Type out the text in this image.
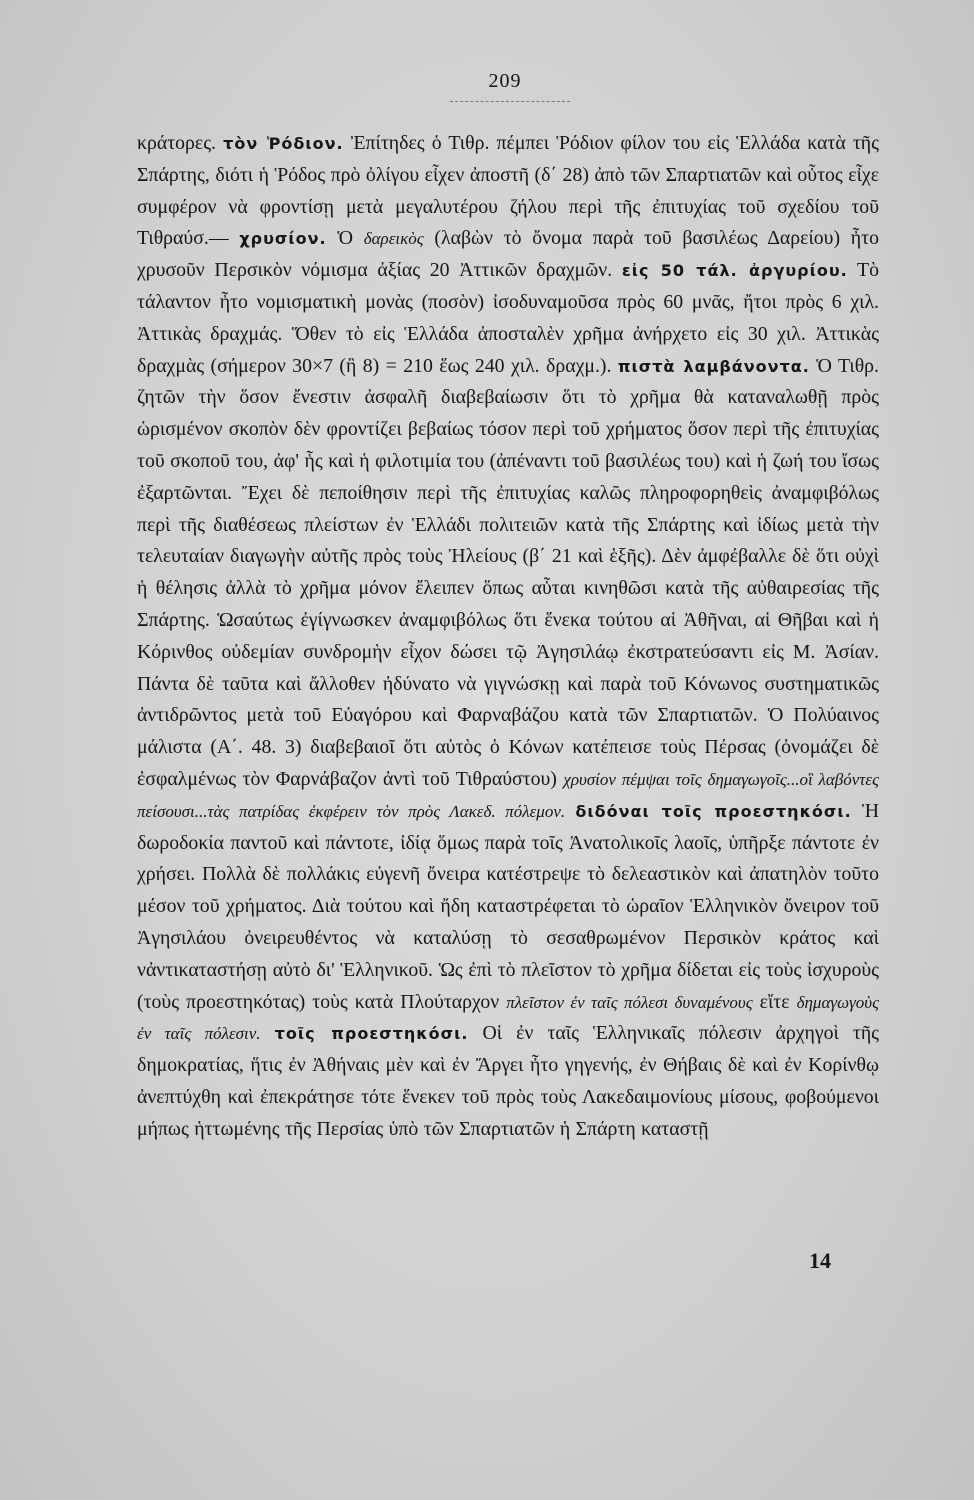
209
κράτορες. τὸν Ῥόδιον. Ἐπίτηδες ὁ Τιθρ. πέμπει Ῥόδιον φίλον του εἰς Ἑλλάδα κατὰ τῆς Σπάρτης, διότι ἡ Ῥόδος πρὸ ὀλίγου εἶχεν ἀποστῆ (δ΄ 28) ἀπὸ τῶν Σπαρτιατῶν καὶ οὗτος εἶχε συμφέρον νὰ φροντίσῃ μετὰ μεγαλυτέρου ζήλου περὶ τῆς ἐπιτυχίας τοῦ σχεδίου τοῦ Τιθραύσ.— χρυσίον. Ὁ δαρεικὸς (λαβὼν τὸ ὄνομα παρὰ τοῦ βασιλέως Δαρείου) ἦτο χρυσοῦν Περσικὸν νόμισμα ἀξίας 20 Ἀττικῶν δραχμῶν. εἰς 50 τάλ. ἀργυρίου. Τὸ τάλαντον ἦτο νομισματικὴ μονὰς (ποσὸν) ἰσοδυναμοῦσα πρὸς 60 μνᾶς, ἤτοι πρὸς 6 χιλ. Ἀττικὰς δραχμάς. Ὅθεν τὸ εἰς Ἑλλάδα ἀποσταλὲν χρῆμα ἀνήρχετο εἰς 30 χιλ. Ἀττικὰς δραχμὰς (σήμερον 30×7 (ἢ 8) = 210 ἕως 240 χιλ. δραχμ.). πιστὰ λαμβάνοντα. Ὁ Τιθρ. ζητῶν τὴν ὅσον ἔνεστιν ἀσφαλῆ διαβεβαίωσιν ὅτι τὸ χρῆμα θὰ καταναλωθῇ πρὸς ὡρισμένον σκοπὸν δὲν φροντίζει βεβαίως τόσον περὶ τοῦ χρήματος ὅσον περὶ τῆς ἐπιτυχίας τοῦ σκοποῦ του, ἀφ' ἧς καὶ ἡ φιλοτιμία του (ἀπέναντι τοῦ βασιλέως του) καὶ ἡ ζωή του ἴσως ἐξαρτῶνται. Ἔχει δὲ πεποίθησιν περὶ τῆς ἐπιτυχίας καλῶς πληροφορηθεὶς ἀναμφιβόλως περὶ τῆς διαθέσεως πλείστων ἐν Ἑλλάδι πολιτειῶν κατὰ τῆς Σπάρτης καὶ ἰδίως μετὰ τὴν τελευταίαν διαγωγὴν αὐτῆς πρὸς τοὺς Ἠλείους (β΄ 21 καὶ ἑξῆς). Δὲν ἀμφέβαλλε δὲ ὅτι οὐχὶ ἡ θέλησις ἀλλὰ τὸ χρῆμα μόνον ἔλειπεν ὅπως αὗται κινηθῶσι κατὰ τῆς αὐθαιρεσίας τῆς Σπάρτης. Ὡσαύτως ἐγίγνωσκεν ἀναμφιβόλως ὅτι ἕνεκα τούτου αἱ Ἀθῆναι, αἱ Θῆβαι καὶ ἡ Κόρινθος οὐδεμίαν συνδρομὴν εἶχον δώσει τῷ Ἀγησιλάῳ ἐκστρατεύσαντι εἰς Μ. Ἀσίαν. Πάντα δὲ ταῦτα καὶ ἄλλοθεν ἠδύνατο νὰ γιγνώσκῃ καὶ παρὰ τοῦ Κόνωνος συστηματικῶς ἀντιδρῶντος μετὰ τοῦ Εὐαγόρου καὶ Φαρναβάζου κατὰ τῶν Σπαρτιατῶν. Ὁ Πολύαινος μάλιστα (Α΄. 48. 3) διαβεβαιοῖ ὅτι αὐτὸς ὁ Κόνων κατέπεισε τοὺς Πέρσας (ὀνομάζει δὲ ἐσφαλμένως τὸν Φαρνάβαζον ἀντὶ τοῦ Τιθραύστου) χρυσίον πέμψαι τοῖς δημαγωγοῖς...οἳ λαβόντες πείσουσι...τὰς πατρίδας ἐκφέρειν τὸν πρὸς Λακεδ. πόλεμον. διδόναι τοῖς προεστηκόσι. Ἡ δωροδοκία παντοῦ καὶ πάντοτε, ἰδίᾳ ὅμως παρὰ τοῖς Ἀνατολικοῖς λαοῖς, ὑπῆρξε πάντοτε ἐν χρήσει. Πολλὰ δὲ πολλάκις εὐγενῆ ὄνειρα κατέστρεψε τὸ δελεαστικὸν καὶ ἀπατηλὸν τοῦτο μέσον τοῦ χρήματος. Διὰ τούτου καὶ ἤδη καταστρέφεται τὸ ὡραῖον Ἑλληνικὸν ὄνειρον τοῦ Ἀγησιλάου ὀνειρευθέντος νὰ καταλύσῃ τὸ σεσαθρωμένον Περσικὸν κράτος καὶ νἀντικαταστήσῃ αὐτὸ δι' Ἑλληνικοῦ. Ὡς ἐπὶ τὸ πλεῖστον τὸ χρῆμα δίδεται εἰς τοὺς ἰσχυροὺς (τοὺς προεστηκότας) τοὺς κατὰ Πλούταρχον πλεῖστον ἐν ταῖς πόλεσι δυναμένους εἴτε δημαγωγοὺς ἐν ταῖς πόλεσιν. τοῖς προεστηκόσι. Οἱ ἐν ταῖς Ἑλληνικαῖς πόλεσιν ἀρχηγοὶ τῆς δημοκρατίας, ἥτις ἐν Ἀθήναις μὲν καὶ ἐν Ἄργει ἦτο γηγενής, ἐν Θήβαις δὲ καὶ ἐν Κορίνθῳ ἀνεπτύχθη καὶ ἐπεκράτησε τότε ἕνεκεν τοῦ πρὸς τοὺς Λακεδαιμονίους μίσους, φοβούμενοι μήπως ἡττωμένης τῆς Περσίας ὑπὸ τῶν Σπαρτιατῶν ἡ Σπάρτη καταστῇ
14
